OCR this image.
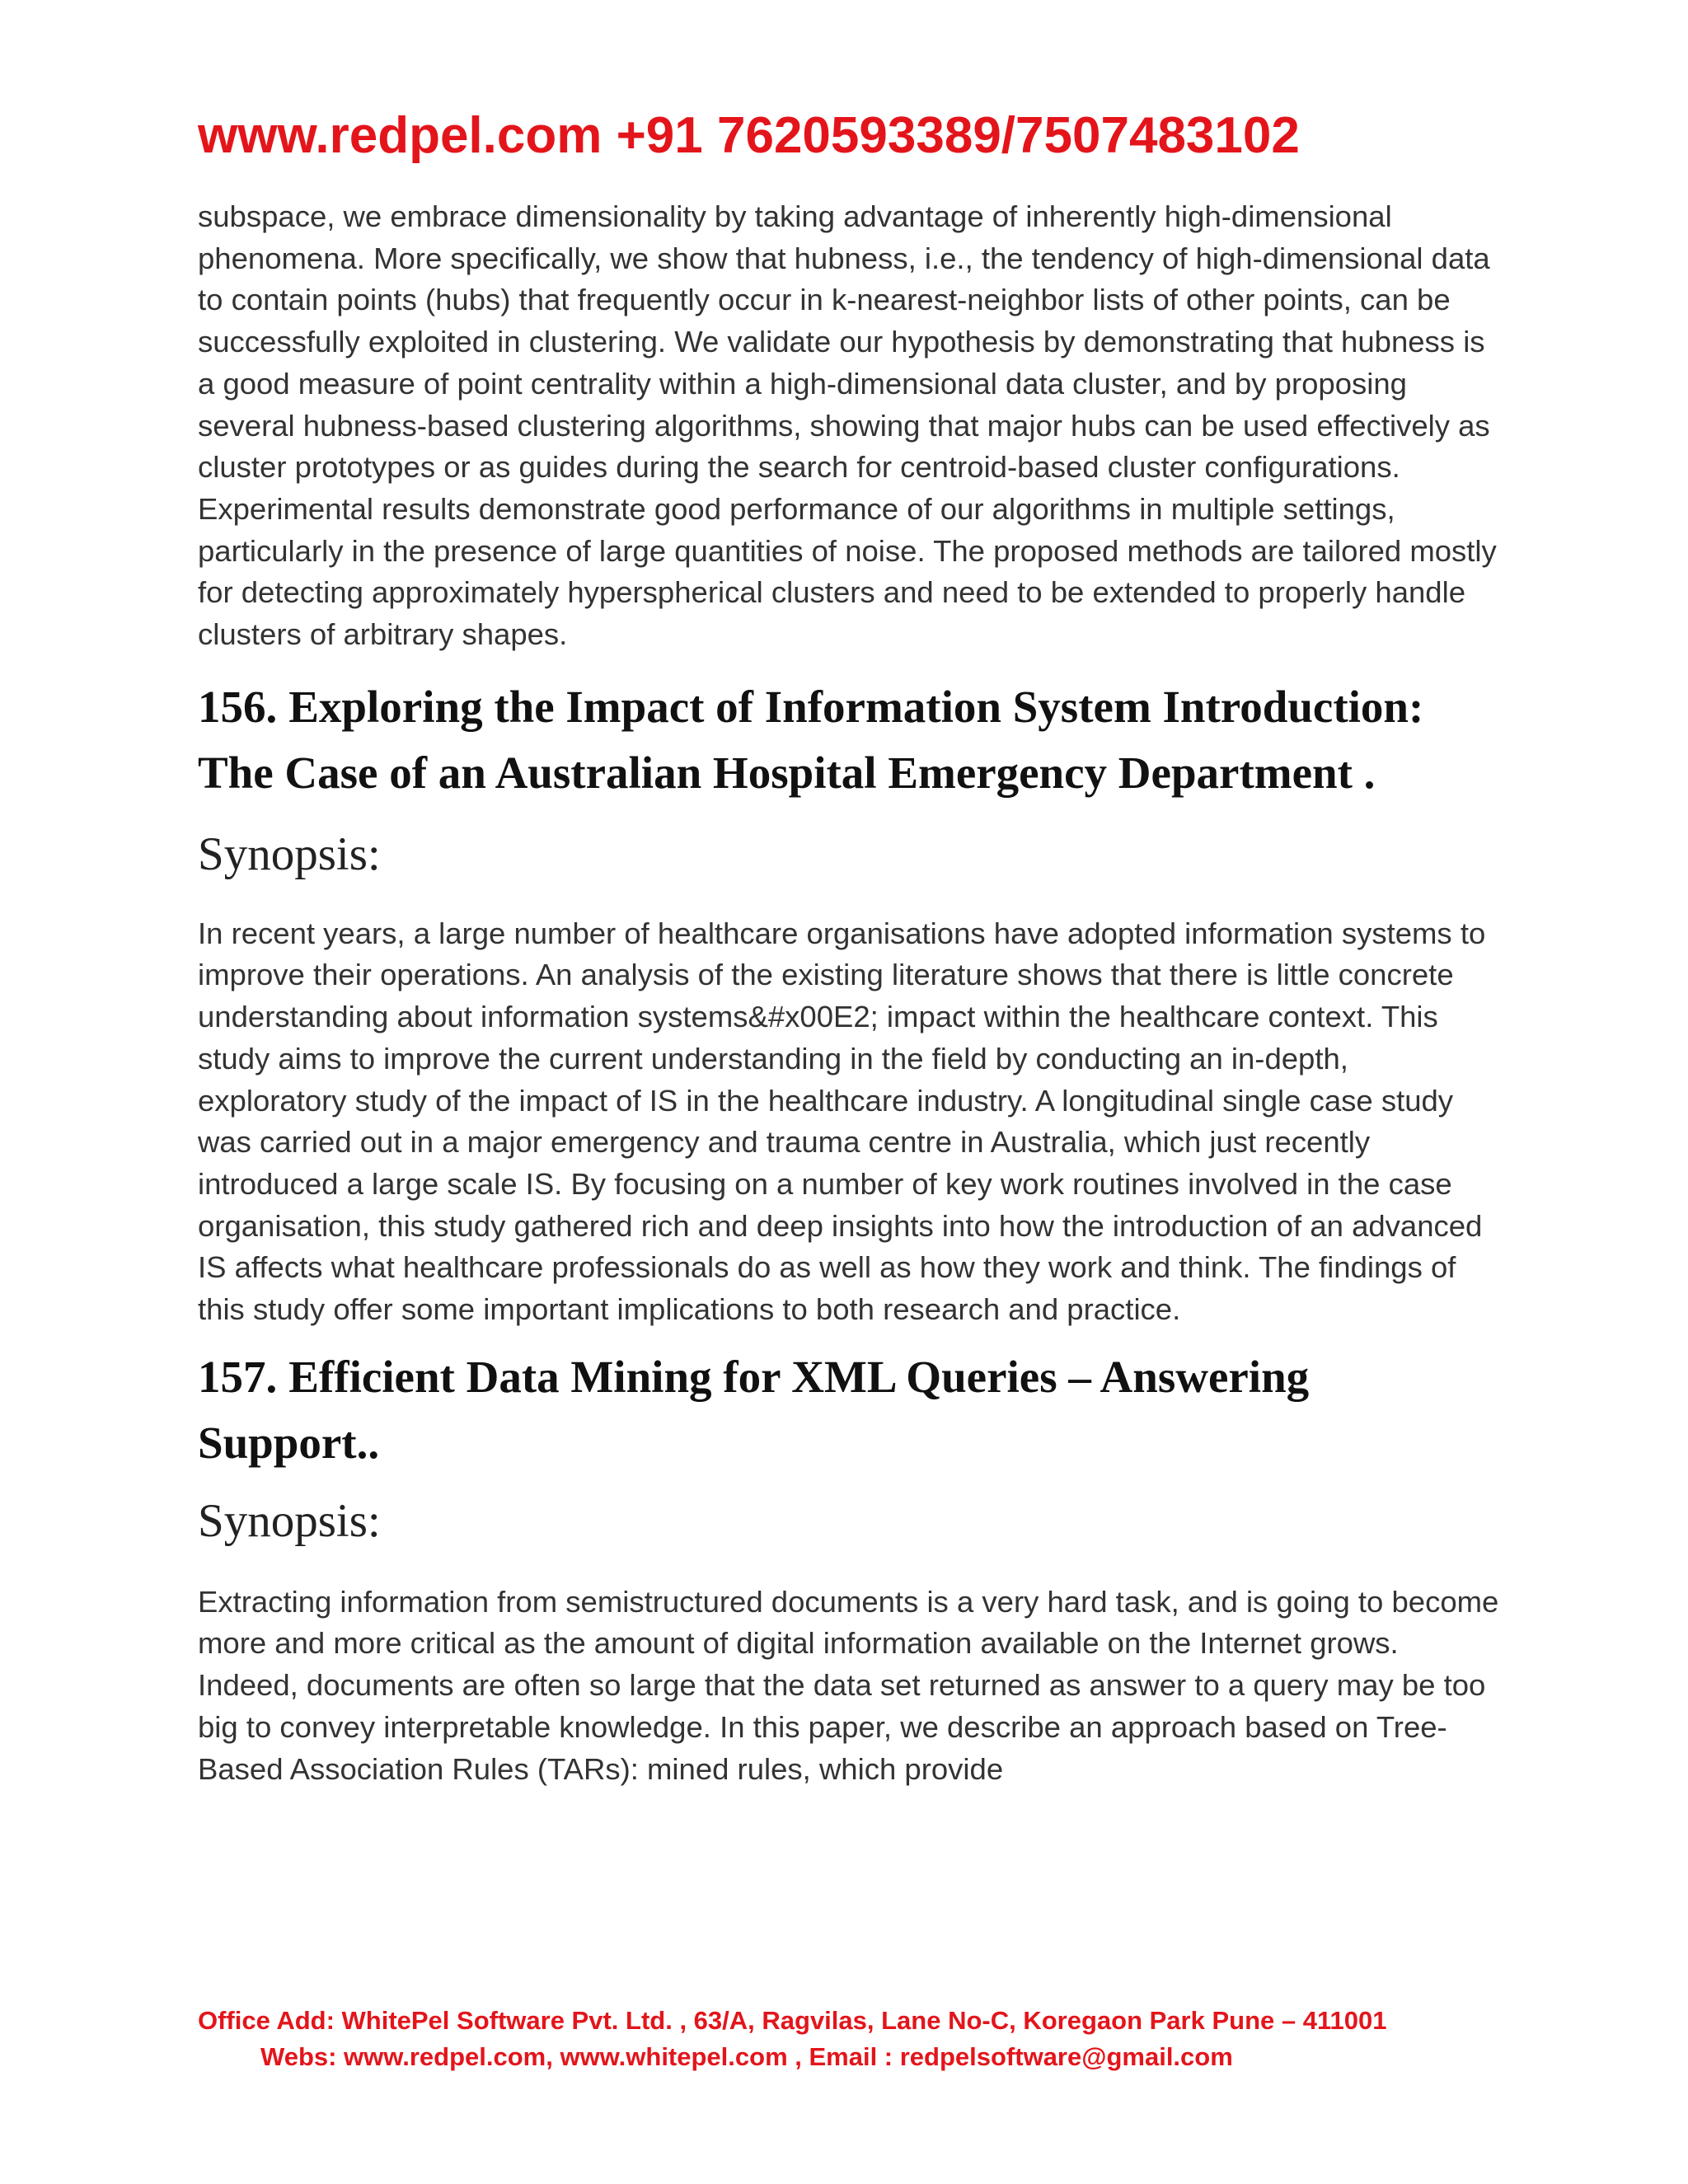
www.redpel.com +91 7620593389/7507483102

subspace, we embrace dimensionality by taking advantage of inherently high-dimensional phenomena. More specifically, we show that hubness, i.e., the tendency of high-dimensional data to contain points (hubs) that frequently occur in k-nearest-neighbor lists of other points, can be successfully exploited in clustering. We validate our hypothesis by demonstrating that hubness is a good measure of point centrality within a high-dimensional data cluster, and by proposing several hubness-based clustering algorithms, showing that major hubs can be used effectively as cluster prototypes or as guides during the search for centroid-based cluster configurations. Experimental results demonstrate good performance of our algorithms in multiple settings, particularly in the presence of large quantities of noise. The proposed methods are tailored mostly for detecting approximately hyperspherical clusters and need to be extended to properly handle clusters of arbitrary shapes.

156. Exploring the Impact of Information System Introduction: The Case of an Australian Hospital Emergency Department .

Synopsis:

In recent years, a large number of healthcare organisations have adopted information systems to improve their operations. An analysis of the existing literature shows that there is little concrete understanding about information systems&#x00E2; impact within the healthcare context. This study aims to improve the current understanding in the field by conducting an in-depth, exploratory study of the impact of IS in the healthcare industry. A longitudinal single case study was carried out in a major emergency and trauma centre in Australia, which just recently introduced a large scale IS. By focusing on a number of key work routines involved in the case organisation, this study gathered rich and deep insights into how the introduction of an advanced IS affects what healthcare professionals do as well as how they work and think. The findings of this study offer some important implications to both research and practice.

157. Efficient Data Mining for XML Queries – Answering Support..

Synopsis:

Extracting information from semistructured documents is a very hard task, and is going to become more and more critical as the amount of digital information available on the Internet grows. Indeed, documents are often so large that the data set returned as answer to a query may be too big to convey interpretable knowledge. In this paper, we describe an approach based on Tree-Based Association Rules (TARs): mined rules, which provide

Office Add: WhitePel Software Pvt. Ltd. , 63/A, Ragvilas, Lane No-C, Koregaon Park Pune – 411001
Webs: www.redpel.com, www.whitepel.com , Email : redpelsoftware@gmail.com
